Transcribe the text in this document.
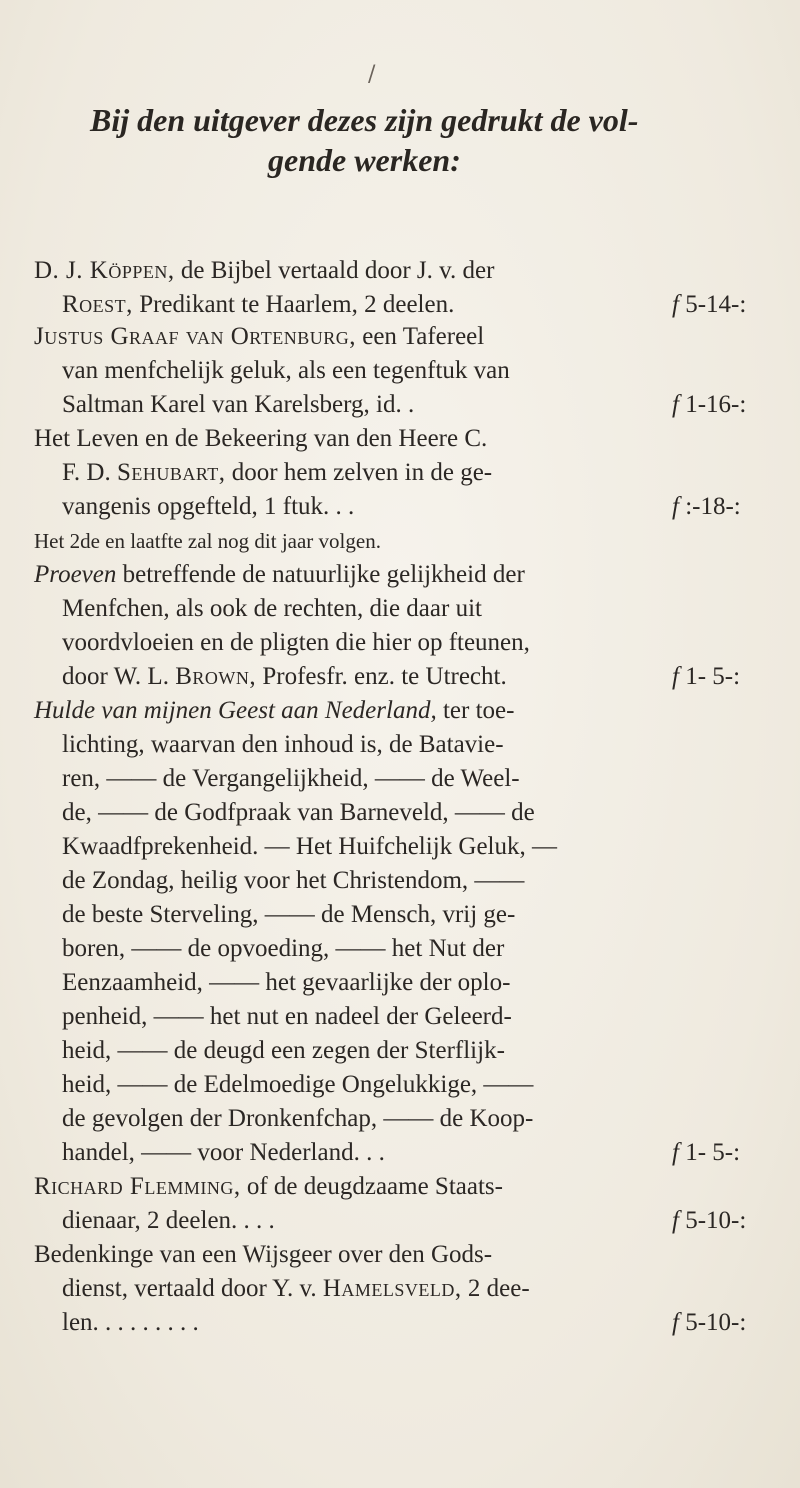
/
Bij den uitgever dezes zijn gedrukt de vol-
gende werken:
D. J. Köppen, de Bijbel vertaald door J. v. der
Roest, Predikant te Haarlem, 2 deelen.	f 5-14-:
Justus Graaf van Ortenburg, een Tafereel
van menfchelijk geluk, als een tegenftuk van
Saltman Karel van Karelsberg, id. .	f 1-16-:
Het Leven en de Bekeering van den Heere C.
F. D. Sehubart, door hem zelven in de ge-
vangenis opgefteld, 1 ftuk. . .	f :-18-:
Het 2de en laatfte zal nog dit jaar volgen.
Proeven betreffende de natuurlijke gelijkheid der
Menfchen, als ook de rechten, die daar uit
voordvloeien en de pligten die hier op fteunen,
door W. L. Brown, Profesfr. enz. te Utrecht.	f 1- 5-:
Hulde van mijnen Geest aan Nederland, ter toe-
lichting, waarvan den inhoud is, de Batavie-
ren, —— de Vergangelijkheid, —— de Weel-
de, —— de Godfpraak van Barneveld, —— de
Kwaadfprekenheid. — Het Huifchelijk Geluk, —
de Zondag, heilig voor het Christendom, ——
de beste Sterveling, —— de Mensch, vrij ge-
boren, —— de opvoeding, —— het Nut der
Eenzaamheid, —— het gevaarlijke der oplo-
penheid, —— het nut en nadeel der Geleerd-
heid, —— de deugd een zegen der Sterflijk-
heid, —— de Edelmoedige Ongelukkige, ——
de gevolgen der Dronkenfchap, —— de Koop-
handel, —— voor Nederland. . .	f 1- 5-:
Richard Flemming, of de deugdzaame Staats-
dienaar, 2 deelen. . . .	f 5-10-:
Bedenkinge van een Wijsgeer over den Gods-
dienst, vertaald door Y. v. Hamelsveld, 2 dee-
len. . . . . . . . .	f 5-10-:
